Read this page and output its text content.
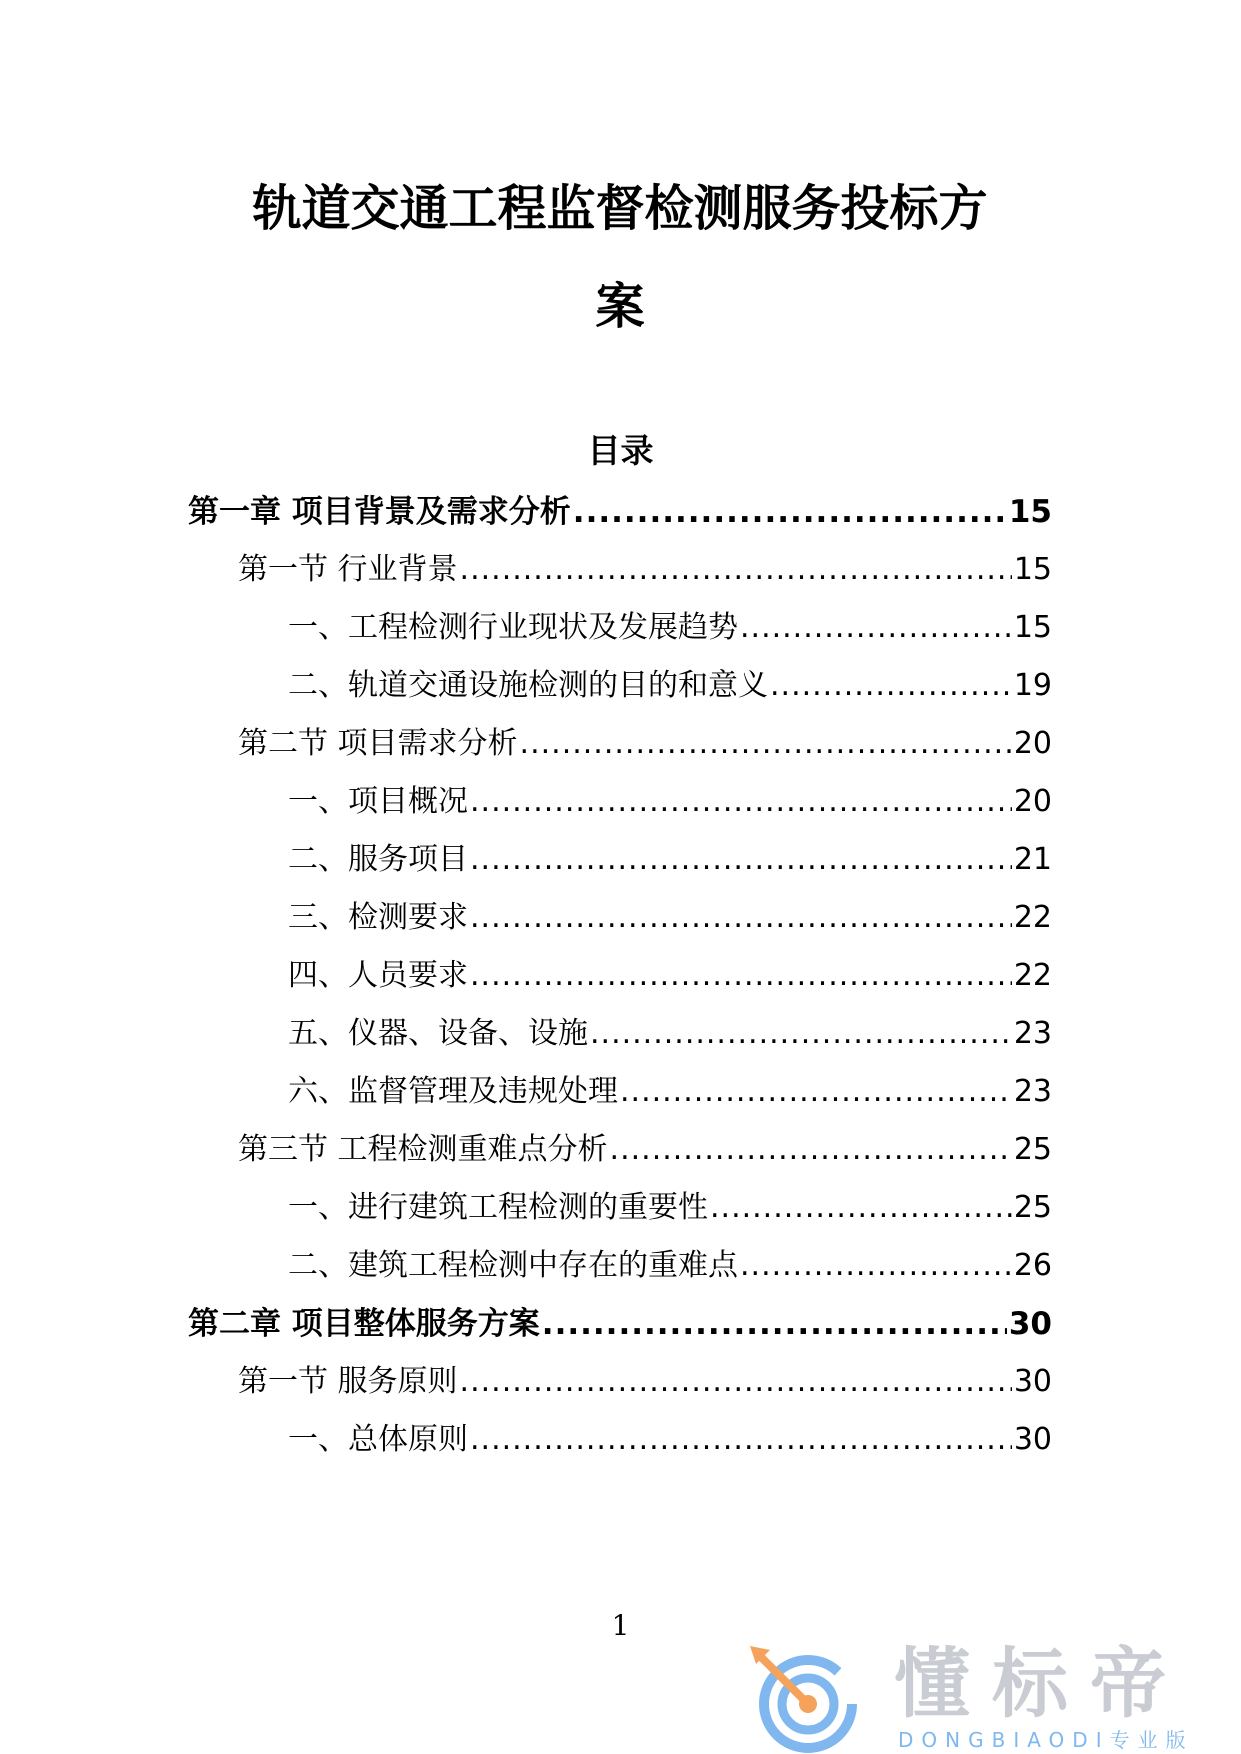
轨道交通工程监督检测服务投标方
案
目录
第一章 项目背景及需求分析 .....	15
第一节 行业背景 .....	15
一、工程检测行业现状及发展趋势 .....	15
二、轨道交通设施检测的目的和意义 .....	19
第二节 项目需求分析 .....	20
一、项目概况 .....	20
二、服务项目 .....	21
三、检测要求 .....	22
四、人员要求 .....	22
五、仪器、设备、设施 .....	23
六、监督管理及违规处理 .....	23
第三节 工程检测重难点分析 .....	25
一、进行建筑工程检测的重要性 .....	25
二、建筑工程检测中存在的重难点 .....	26
第二章 项目整体服务方案 .....	30
第一节 服务原则 .....	30
一、总体原则 .....	30
1
懂标帝
DONGBIAODI专业版
